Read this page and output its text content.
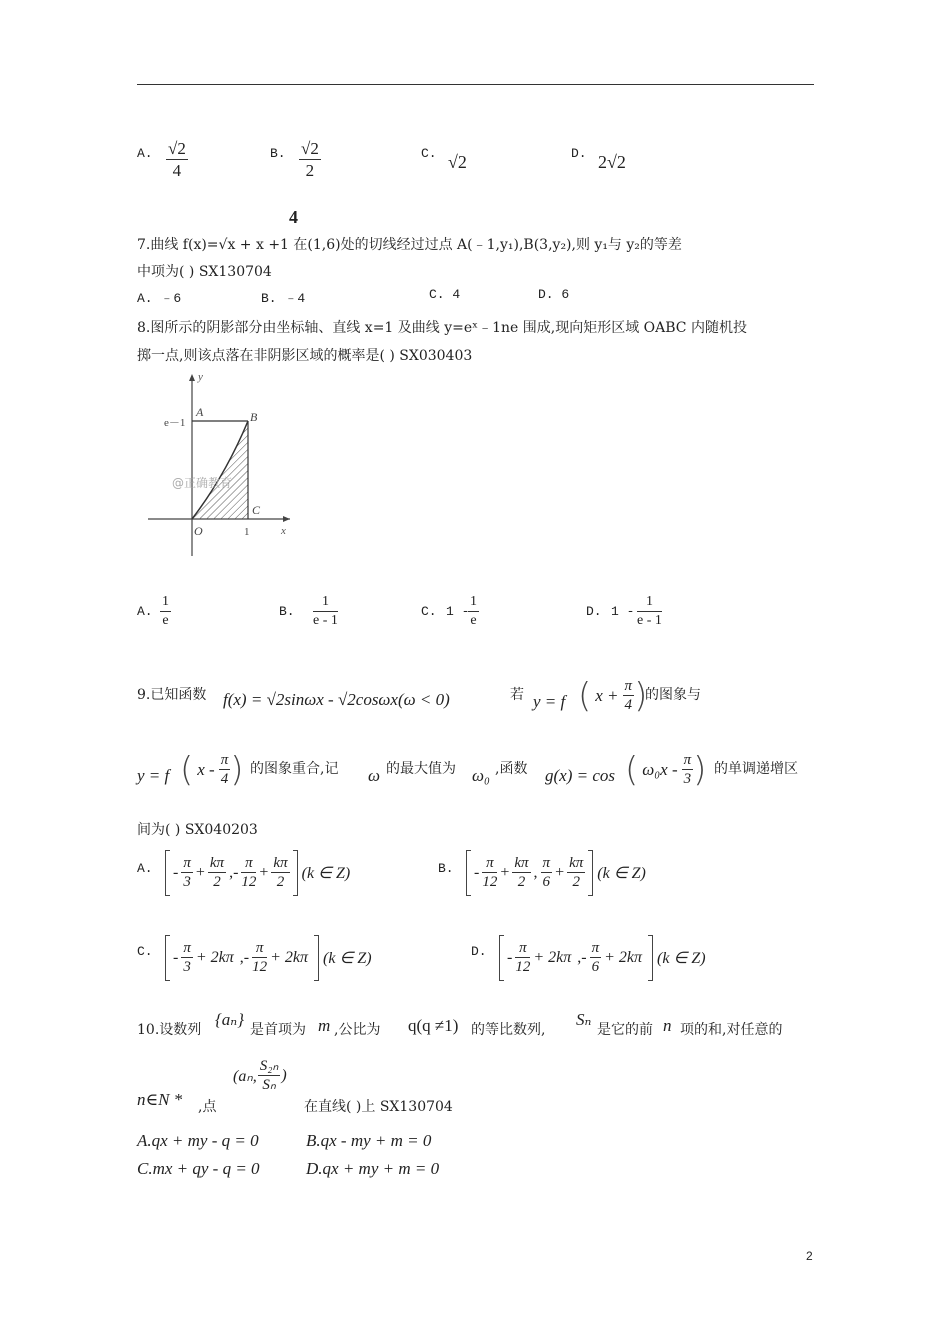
A. $\frac{√2}{4}$	B. $\frac{√2}{2}$	C. √2	D. 2√2
4
7.曲线 f(x)=√x + x +1 在(1,6)处的切线经过过点 A(﹣1,y₁),B(3,y₂),则 y₁与 y₂的等差
中项为( ) SX130704
A. ﹣6	B. ﹣4	C. 4	D. 6
8.图所示的阴影部分由坐标轴、直线 x=1 及曲线 y=eˣ﹣1ne 围成,现向矩形区域 OABC 内随机投
掷一点,则该点落在非阴影区域的概率是( ) SX030403
y
x
e－1
A	B
C
O	1
@正确教育
A. $\frac{1}{e}$	B. $\frac{1}{e - 1}$	C. 1 -
$\frac{1}{e}$	D. $1 - \frac{1}{e - 1}$
9.已知函数 f(x) = √2sinωx - √2cosωx(ω < 0)	若 y = f ( $x + \frac{\pi}{4}$ )
的图象与
y = f ( x - $\frac{\pi}{4}$ ) 的图象重合,记 ω 的最大值为 ω₀ ,函数 g(x) = cos ( $\omega_0x - \frac{\pi}{3}$ ) 的单调递增区
间为( ) SX040203
A. - $\frac{\pi}{3} + \frac{k\pi}{2}$ ,- $\frac{\pi}{12} + \frac{k\pi}{2} (k$ ∈ Z)	B. - $\frac{\pi}{12} + \frac{k\pi}{2}$ , $\frac{\pi}{6} + \frac{k\pi}{2} (k$ ∈ Z)
C. - $\frac{\pi}{3} + 2k\pi$ ,- $\frac{\pi}{12} + 2k\pi$ (k ∈ Z)	D. - $\frac{\pi}{12} + 2k\pi$ ,- $\frac{\pi}{6} + 2k\pi$ (k ∈ Z)
10.设数列
{aₙ}
是首项为 m ,公比为 q(q ≠1) 的等比数列,
Sₙ
是它的前 n 项的和,对任意的
n∈N * ,点
(aₙ, $\frac{\text{S₂ₙ}}{\text{Sₙ}}$ )
在直线( )上 SX130704
A.qx + my - q = 0	B.qx - my + m = 0
C.mx + qy - q = 0	D.qx + my + m = 0
2
